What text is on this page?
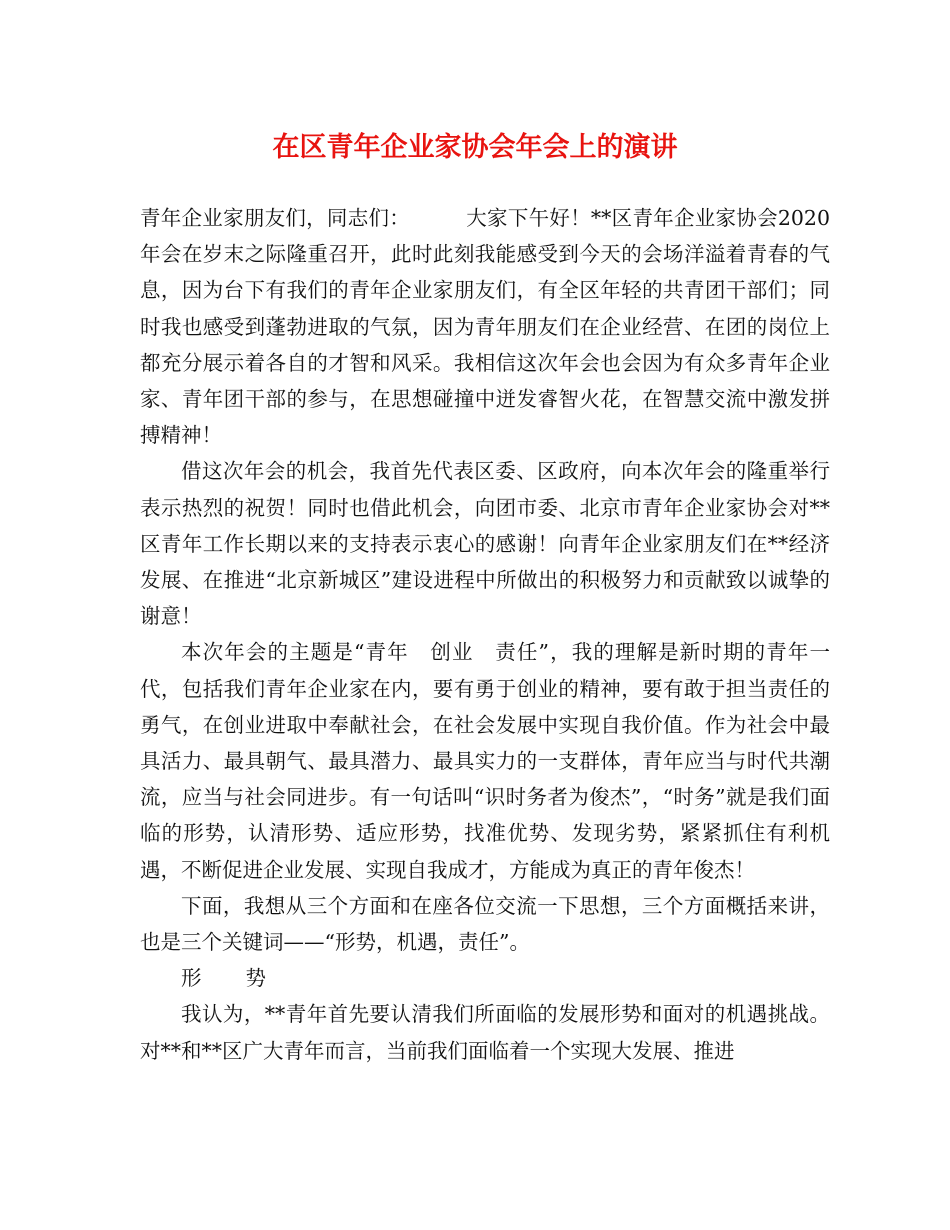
在区青年企业家协会年会上的演讲

青年企业家朋友们，同志们：	大家下午好！**区青年企业家协会2020年会在岁末之际隆重召开，此时此刻我能感受到今天的会场洋溢着青春的气息，因为台下有我们的青年企业家朋友们，有全区年轻的共青团干部们；同时我也感受到蓬勃进取的气氛，因为青年朋友们在企业经营、在团的岗位上都充分展示着各自的才智和风采。我相信这次年会也会因为有众多青年企业家、青年团干部的参与，在思想碰撞中迸发睿智火花，在智慧交流中激发拼搏精神！

借这次年会的机会，我首先代表区委、区政府，向本次年会的隆重举行表示热烈的祝贺！同时也借此机会，向团市委、北京市青年企业家协会对**区青年工作长期以来的支持表示衷心的感谢！向青年企业家朋友们在**经济发展、在推进“北京新城区”建设进程中所做出的积极努力和贡献致以诚挚的谢意！

本次年会的主题是“青年　创业　责任”，我的理解是新时期的青年一代，包括我们青年企业家在内，要有勇于创业的精神，要有敢于担当责任的勇气，在创业进取中奉献社会，在社会发展中实现自我价值。作为社会中最具活力、最具朝气、最具潜力、最具实力的一支群体，青年应当与时代共潮流，应当与社会同进步。有一句话叫“识时务者为俊杰”，“时务”就是我们面临的形势，认清形势、适应形势，找准优势、发现劣势，紧紧抓住有利机遇，不断促进企业发展、实现自我成才，方能成为真正的青年俊杰！

下面，我想从三个方面和在座各位交流一下思想，三个方面概括来讲，也是三个关键词——“形势，机遇，责任”。

形势

我认为，**青年首先要认清我们所面临的发展形势和面对的机遇挑战。对**和**区广大青年而言，当前我们面临着一个实现大发展、推进
